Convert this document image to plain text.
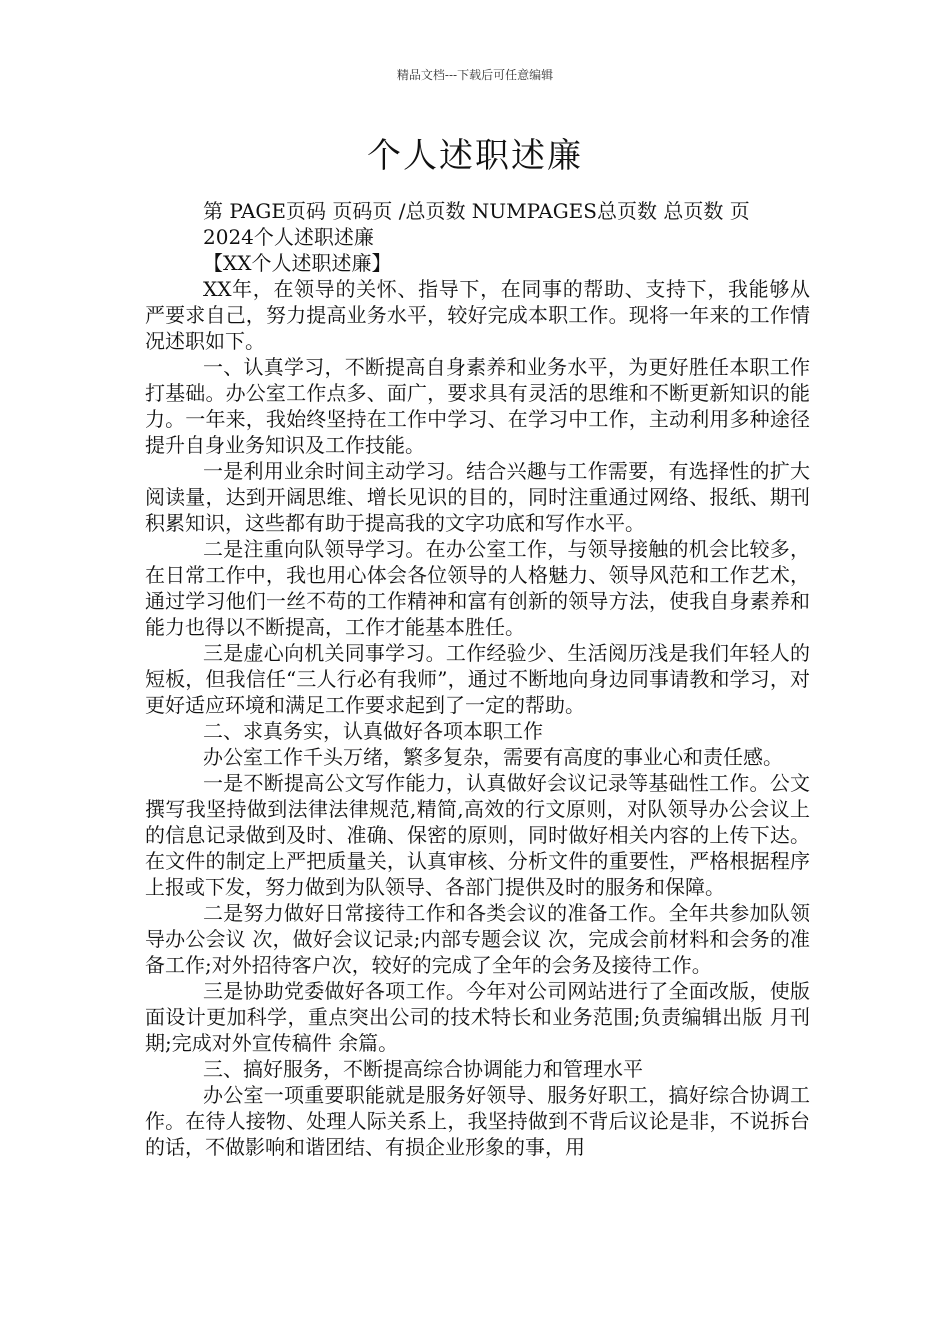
精品文档---下载后可任意编辑
个人述职述廉

第 PAGE页码 页码页 /总页数 NUMPAGES总页数 总页数 页

2024个人述职述廉

【XX个人述职述廉】

XX年，在领导的关怀、指导下，在同事的帮助、支持下，我能够从严要求自己，努力提高业务水平，较好完成本职工作。现将一年来的工作情况述职如下。

一、认真学习，不断提高自身素养和业务水平，为更好胜任本职工作打基础。办公室工作点多、面广，要求具有灵活的思维和不断更新知识的能力。一年来，我始终坚持在工作中学习、在学习中工作，主动利用多种途径提升自身业务知识及工作技能。

一是利用业余时间主动学习。结合兴趣与工作需要，有选择性的扩大阅读量，达到开阔思维、增长见识的目的，同时注重通过网络、报纸、期刊积累知识，这些都有助于提高我的文字功底和写作水平。

二是注重向队领导学习。在办公室工作，与领导接触的机会比较多，在日常工作中，我也用心体会各位领导的人格魅力、领导风范和工作艺术，通过学习他们一丝不苟的工作精神和富有创新的领导方法，使我自身素养和能力也得以不断提高，工作才能基本胜任。

三是虚心向机关同事学习。工作经验少、生活阅历浅是我们年轻人的短板，但我信任“三人行必有我师”，通过不断地向身边同事请教和学习，对更好适应环境和满足工作要求起到了一定的帮助。

二、求真务实，认真做好各项本职工作

办公室工作千头万绪，繁多复杂，需要有高度的事业心和责任感。

一是不断提高公文写作能力，认真做好会议记录等基础性工作。公文撰写我坚持做到法律法律规范,精简,高效的行文原则，对队领导办公会议上的信息记录做到及时、准确、保密的原则，同时做好相关内容的上传下达。在文件的制定上严把质量关，认真审核、分析文件的重要性，严格根据程序上报或下发，努力做到为队领导、各部门提供及时的服务和保障。

二是努力做好日常接待工作和各类会议的准备工作。全年共参加队领导办公会议 次，做好会议记录;内部专题会议 次，完成会前材料和会务的准备工作;对外招待客户次，较好的完成了全年的会务及接待工作。

三是协助党委做好各项工作。今年对公司网站进行了全面改版，使版面设计更加科学，重点突出公司的技术特长和业务范围;负责编辑出版 月刊 期;完成对外宣传稿件 余篇。

三、搞好服务，不断提高综合协调能力和管理水平

办公室一项重要职能就是服务好领导、服务好职工，搞好综合协调工作。在待人接物、处理人际关系上，我坚持做到不背后议论是非，不说拆台的话，不做影响和谐团结、有损企业形象的事，用
